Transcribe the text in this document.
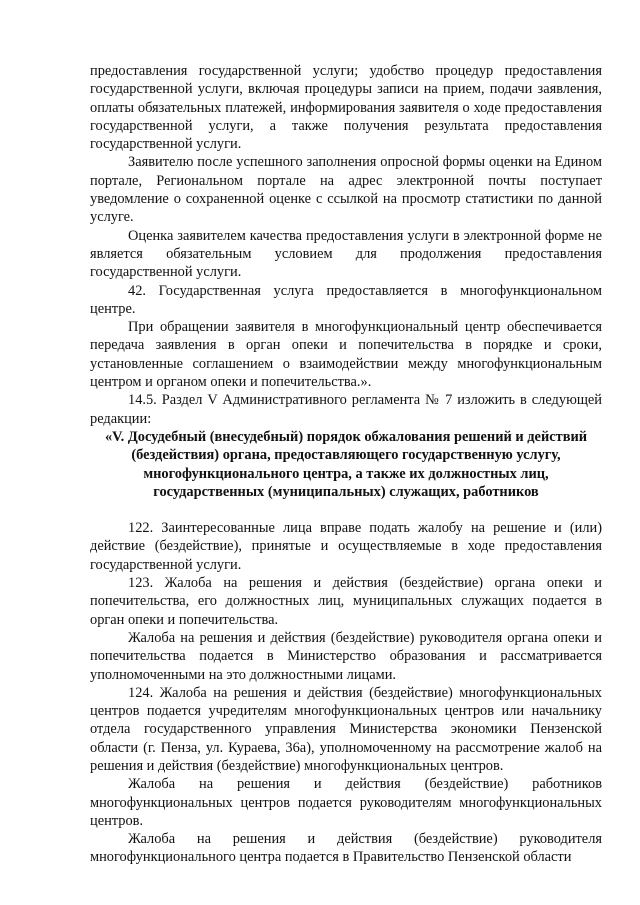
предоставления государственной услуги; удобство процедур предоставления государственной услуги, включая процедуры записи на прием, подачи заявления, оплаты обязательных платежей, информирования заявителя о ходе предоставления государственной услуги, а также получения результата предоставления государственной услуги.

Заявителю после успешного заполнения опросной формы оценки на Едином портале, Региональном портале на адрес электронной почты поступает уведомление о сохраненной оценке с ссылкой на просмотр статистики по данной услуге.

Оценка заявителем качества предоставления услуги в электронной форме не является обязательным условием для продолжения предоставления государственной услуги.

42. Государственная услуга предоставляется в многофункциональном центре.

При обращении заявителя в многофункциональный центр обеспечивается передача заявления в орган опеки и попечительства в порядке и сроки, установленные соглашением о взаимодействии между многофункциональным центром и органом опеки и попечительства.».

14.5. Раздел V Административного регламента № 7 изложить в следующей редакции:

«V. Досудебный (внесудебный) порядок обжалования решений и действий (бездействия) органа, предоставляющего государственную услугу, многофункционального центра, а также их должностных лиц, государственных (муниципальных) служащих, работников

122. Заинтересованные лица вправе подать жалобу на решение и (или) действие (бездействие), принятые и осуществляемые в ходе предоставления государственной услуги.

123. Жалоба на решения и действия (бездействие) органа опеки и попечительства, его должностных лиц, муниципальных служащих подается в орган опеки и попечительства.

Жалоба на решения и действия (бездействие) руководителя органа опеки и попечительства подается в Министерство образования и рассматривается уполномоченными на это должностными лицами.

124. Жалоба на решения и действия (бездействие) многофункциональных центров подается учредителям многофункциональных центров или начальнику отдела государственного управления Министерства экономики Пензенской области (г. Пенза, ул. Кураева, 36а), уполномоченному на рассмотрение жалоб на решения и действия (бездействие) многофункциональных центров.

Жалоба на решения и действия (бездействие) работников многофункциональных центров подается руководителям многофункциональных центров.

Жалоба на решения и действия (бездействие) руководителя многофункционального центра подается в Правительство Пензенской области
